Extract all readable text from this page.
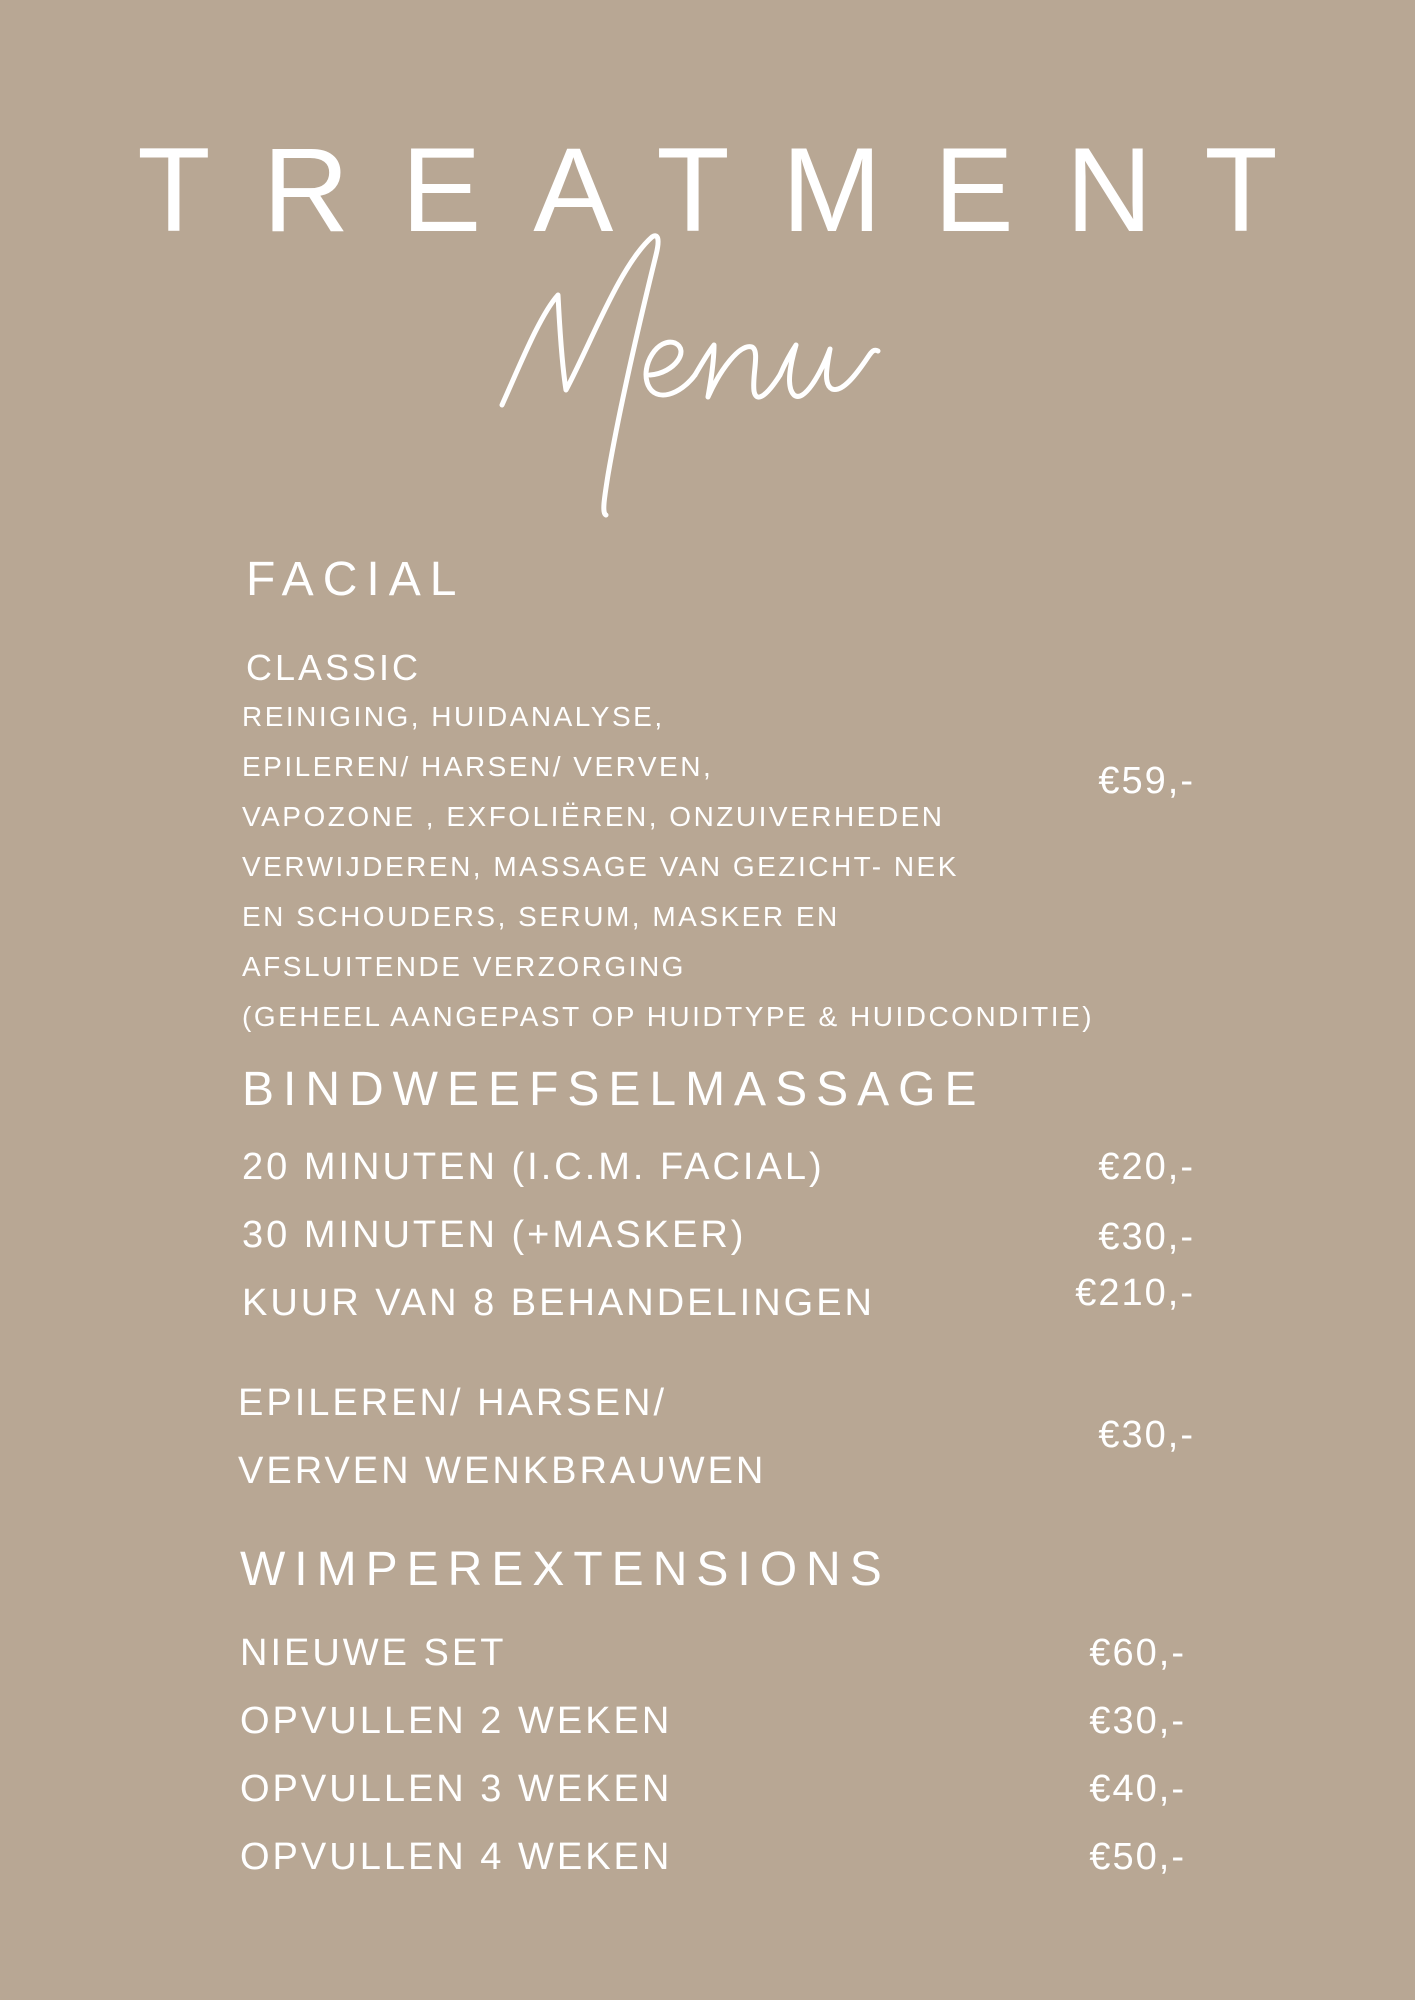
TREATMENT
FACIAL
CLASSIC
REINIGING, HUIDANALYSE,
EPILEREN/ HARSEN/ VERVEN,
VAPOZONE , EXFOLIËREN, ONZUIVERHEDEN
VERWIJDEREN, MASSAGE VAN GEZICHT- NEK
EN SCHOUDERS, SERUM, MASKER EN
AFSLUITENDE VERZORGING
(GEHEEL AANGEPAST OP HUIDTYPE & HUIDCONDITIE)
€59,-
BINDWEEFSELMASSAGE
20 MINUTEN (I.C.M. FACIAL)	€20,-
30 MINUTEN (+MASKER)	€30,-
KUUR VAN 8 BEHANDELINGEN	€210,-
EPILEREN/ HARSEN/
VERVEN WENKBRAUWEN
€30,-
WIMPEREXTENSIONS
NIEUWE SET	€60,-
OPVULLEN 2 WEKEN	€30,-
OPVULLEN 3 WEKEN	€40,-
OPVULLEN 4 WEKEN	€50,-
